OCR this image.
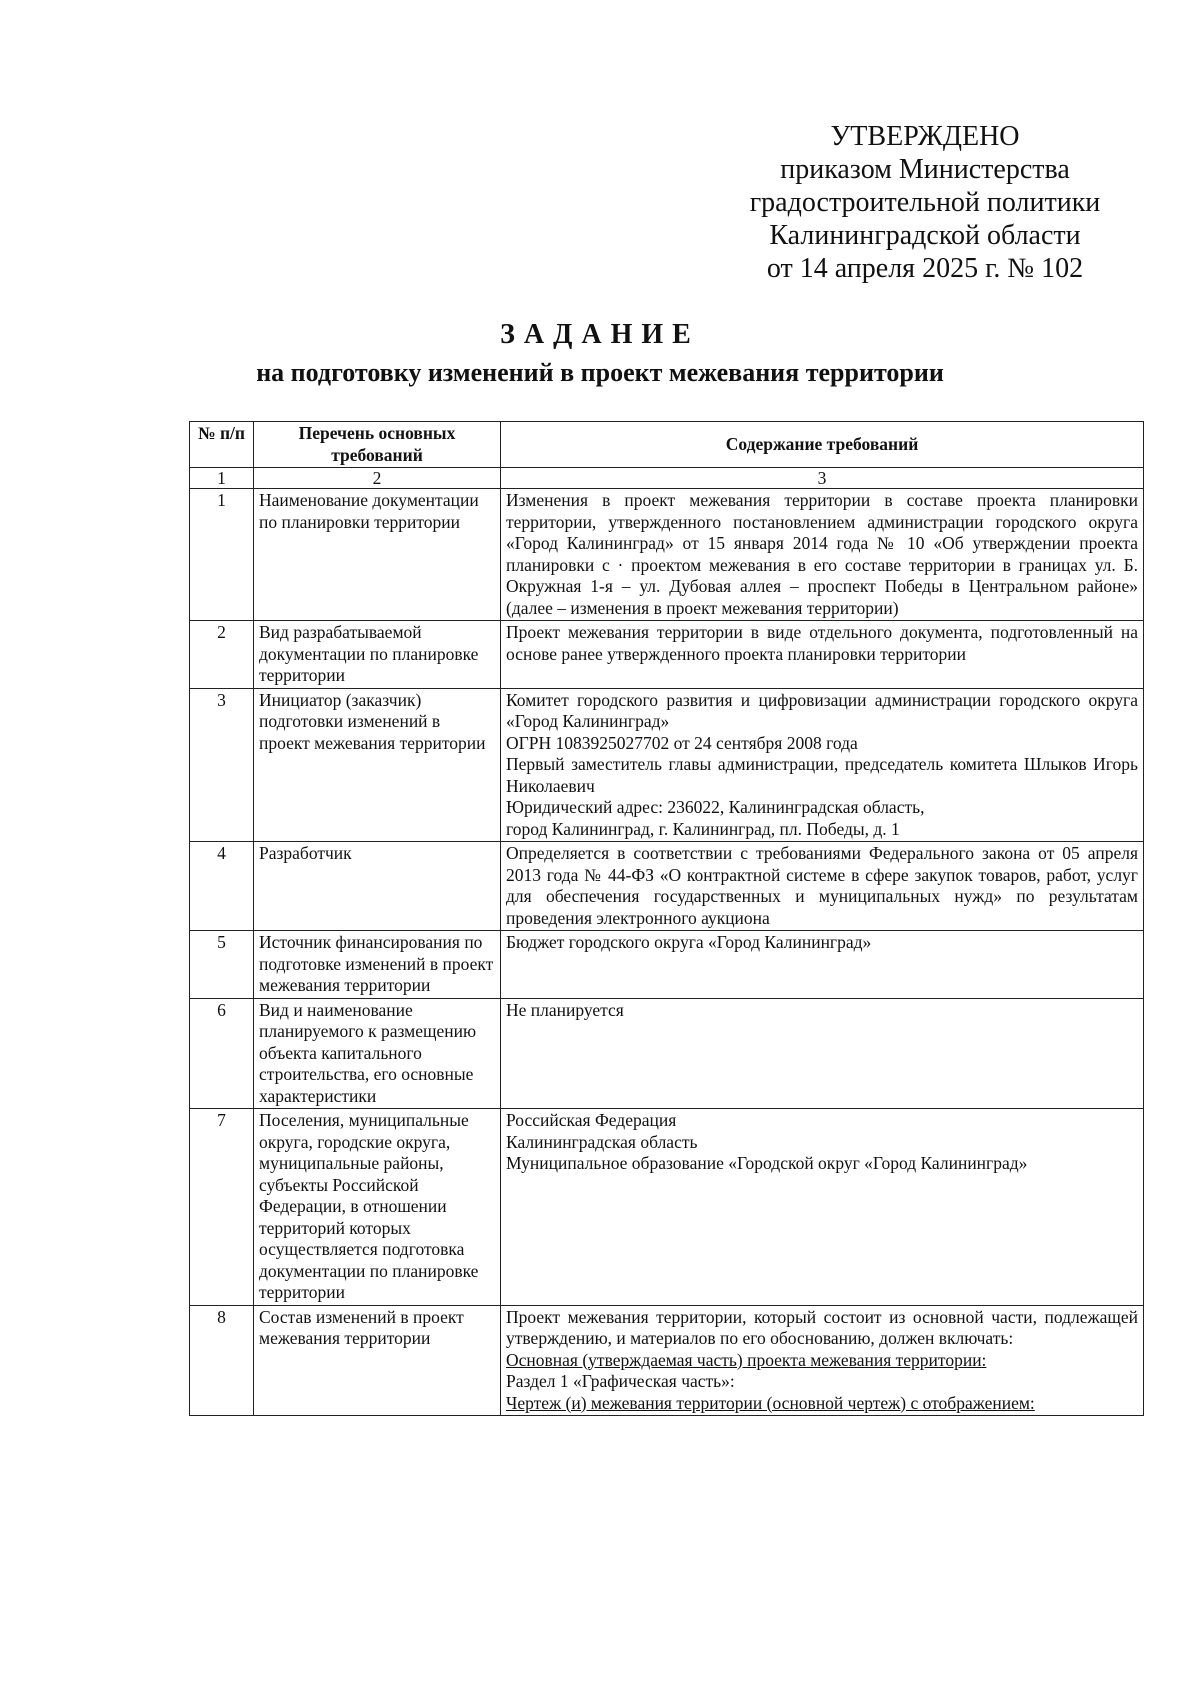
УТВЕРЖДЕНО
приказом Министерства
градостроительной политики
Калининградской области
от 14 апреля 2025 г. № 102
ЗАДАНИЕ
на подготовку изменений в проект межевания территории
№ п/п	Перечень основных требований	Содержание требований
1	2	3
1	Наименование документации по планировки территории	Изменения в проект межевания территории в составе проекта планировки территории, утвержденного постановлением администрации городского округа «Город Калининград» от 15 января 2014 года № 10 «Об утверждении проекта планировки с · проектом межевания в его составе территории в границах ул. Б. Окружная 1-я – ул. Дубовая аллея – проспект Победы в Центральном районе» (далее – изменения в проект межевания территории)
2	Вид разрабатываемой документации по планировке территории	Проект межевания территории в виде отдельного документа, подготовленный на основе ранее утвержденного проекта планировки территории
3	Инициатор (заказчик) подготовки изменений в проект межевания территории	Комитет городского развития и цифровизации администрации городского округа «Город Калининград»
ОГРН 1083925027702 от 24 сентября 2008 года
Первый заместитель главы администрации, председатель комитета Шлыков Игорь Николаевич
Юридический адрес: 236022, Калининградская область,
город Калининград, г. Калининград, пл. Победы, д. 1

4	Разработчик	Определяется в соответствии с требованиями Федерального закона от 05 апреля 2013 года № 44-ФЗ «О контрактной системе в сфере закупок товаров, работ, услуг для обеспечения государственных и муниципальных нужд» по результатам проведения электронного аукциона
5	Источник финансирования по подготовке изменений в проект межевания территории	Бюджет городского округа «Город Калининград»
6	Вид и наименование планируемого к размещению объекта капитального строительства, его основные характеристики	Не планируется
7	Поселения, муниципальные округа, городские округа, муниципальные районы, субъекты Российской Федерации, в отношении территорий которых осуществляется подготовка документации по планировке территории	Российская Федерация
Калининградская область
Муниципальное образование «Городской округ «Город Калининград»

8	Состав изменений в проект межевания территории	Проект межевания территории, который состоит из основной части, подлежащей утверждению, и материалов по его обоснованию, должен включать:
Основная (утверждаемая часть) проекта межевания территории:
Раздел 1 «Графическая часть»:
Чертеж (и) межевания территории (основной чертеж) с отображением:
